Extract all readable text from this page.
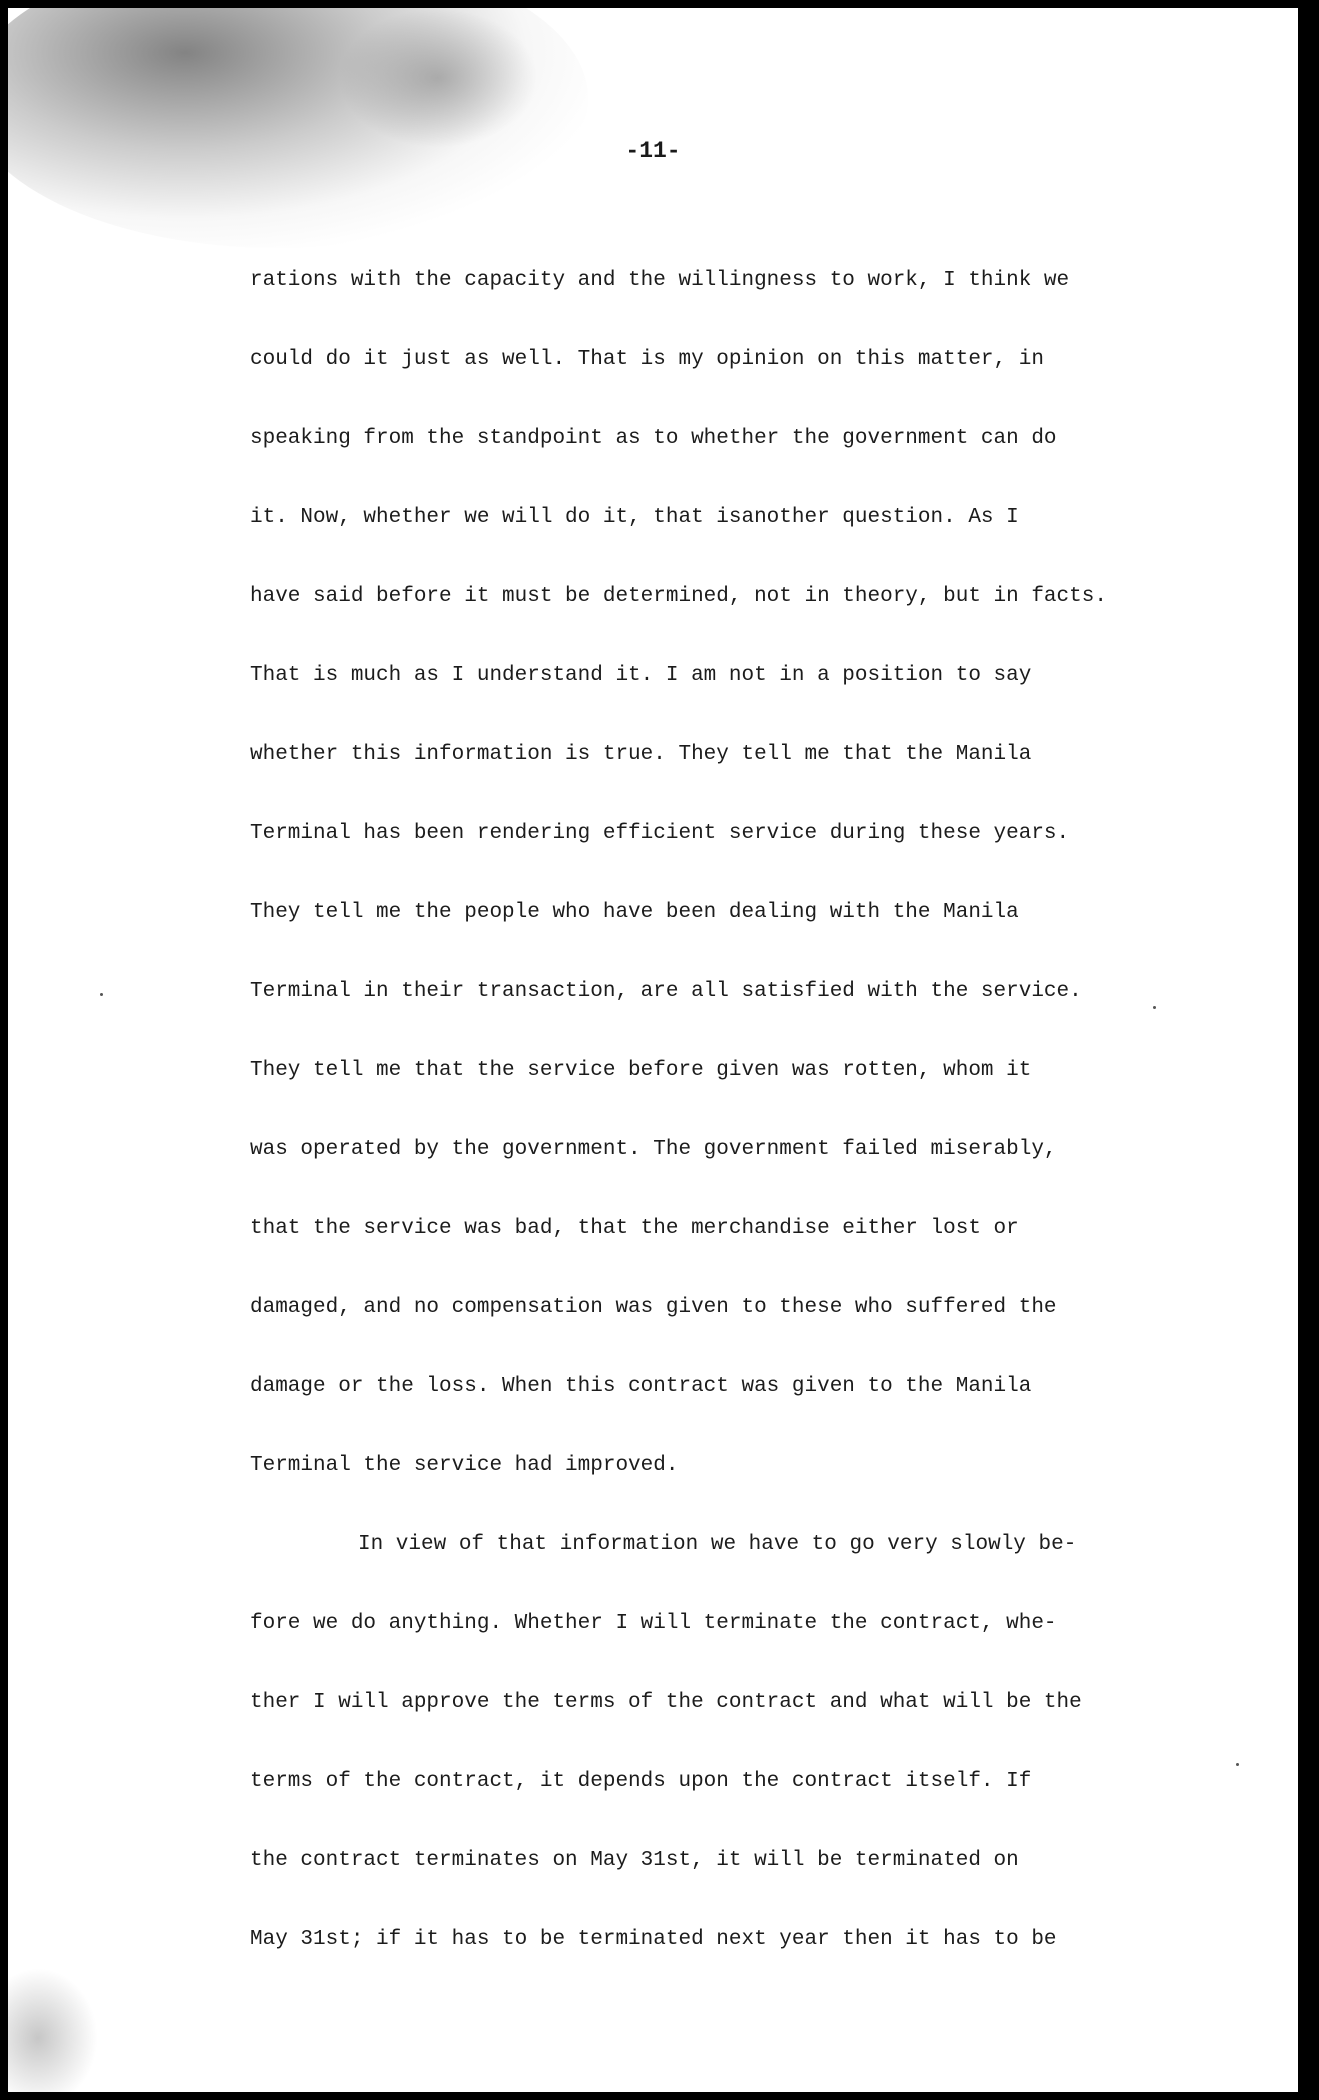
-11-

rations with the capacity and the willingness to work, I think we
could do it just as well. That is my opinion on this matter, in
speaking from the standpoint as to whether the government can do
it. Now, whether we will do it, that isanother question. As I
have said before it must be determined, not in theory, but in facts.
That is much as I understand it. I am not in a position to say
whether this information is true. They tell me that the Manila
Terminal has been rendering efficient service during these years.
They tell me the people who have been dealing with the Manila
Terminal in their transaction, are all satisfied with the service.
They tell me that the service before given was rotten, whom it
was operated by the government. The government failed miserably,
that the service was bad, that the merchandise either lost or
damaged, and no compensation was given to these who suffered the
damage or the loss. When this contract was given to the Manila
Terminal the service had improved.
In view of that information we have to go very slowly be-
fore we do anything. Whether I will terminate the contract, whe-
ther I will approve the terms of the contract and what will be the
terms of the contract, it depends upon the contract itself. If
the contract terminates on May 31st, it will be terminated on
May 31st; if it has to be terminated next year then it has to be
